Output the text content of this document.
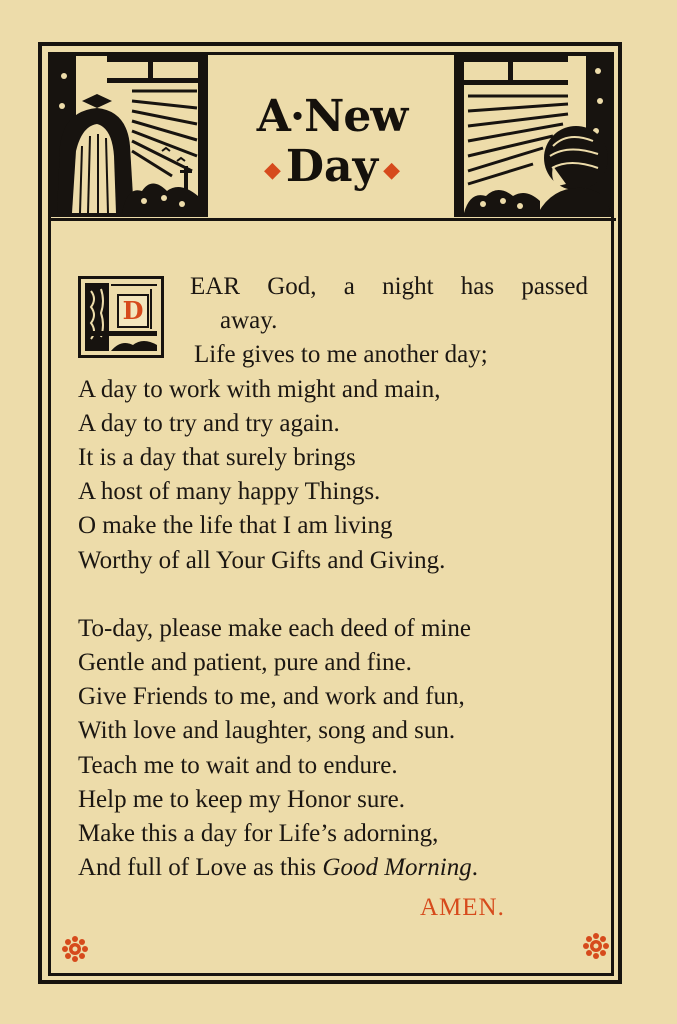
A·New
◆ Day ◆
D
EAR God, a night has passed
away.
Life gives to me another day;
A day to work with might and main,
A day to try and try again.
It is a day that surely brings
A host of many happy Things.
O make the life that I am living
Worthy of all Your Gifts and Giving.
To-day, please make each deed of mine
Gentle and patient, pure and fine.
Give Friends to me, and work and fun,
With love and laughter, song and sun.
Teach me to wait and to endure.
Help me to keep my Honor sure.
Make this a day for Life’s adorning,
And full of Love as this Good Morning.
AMEN.
